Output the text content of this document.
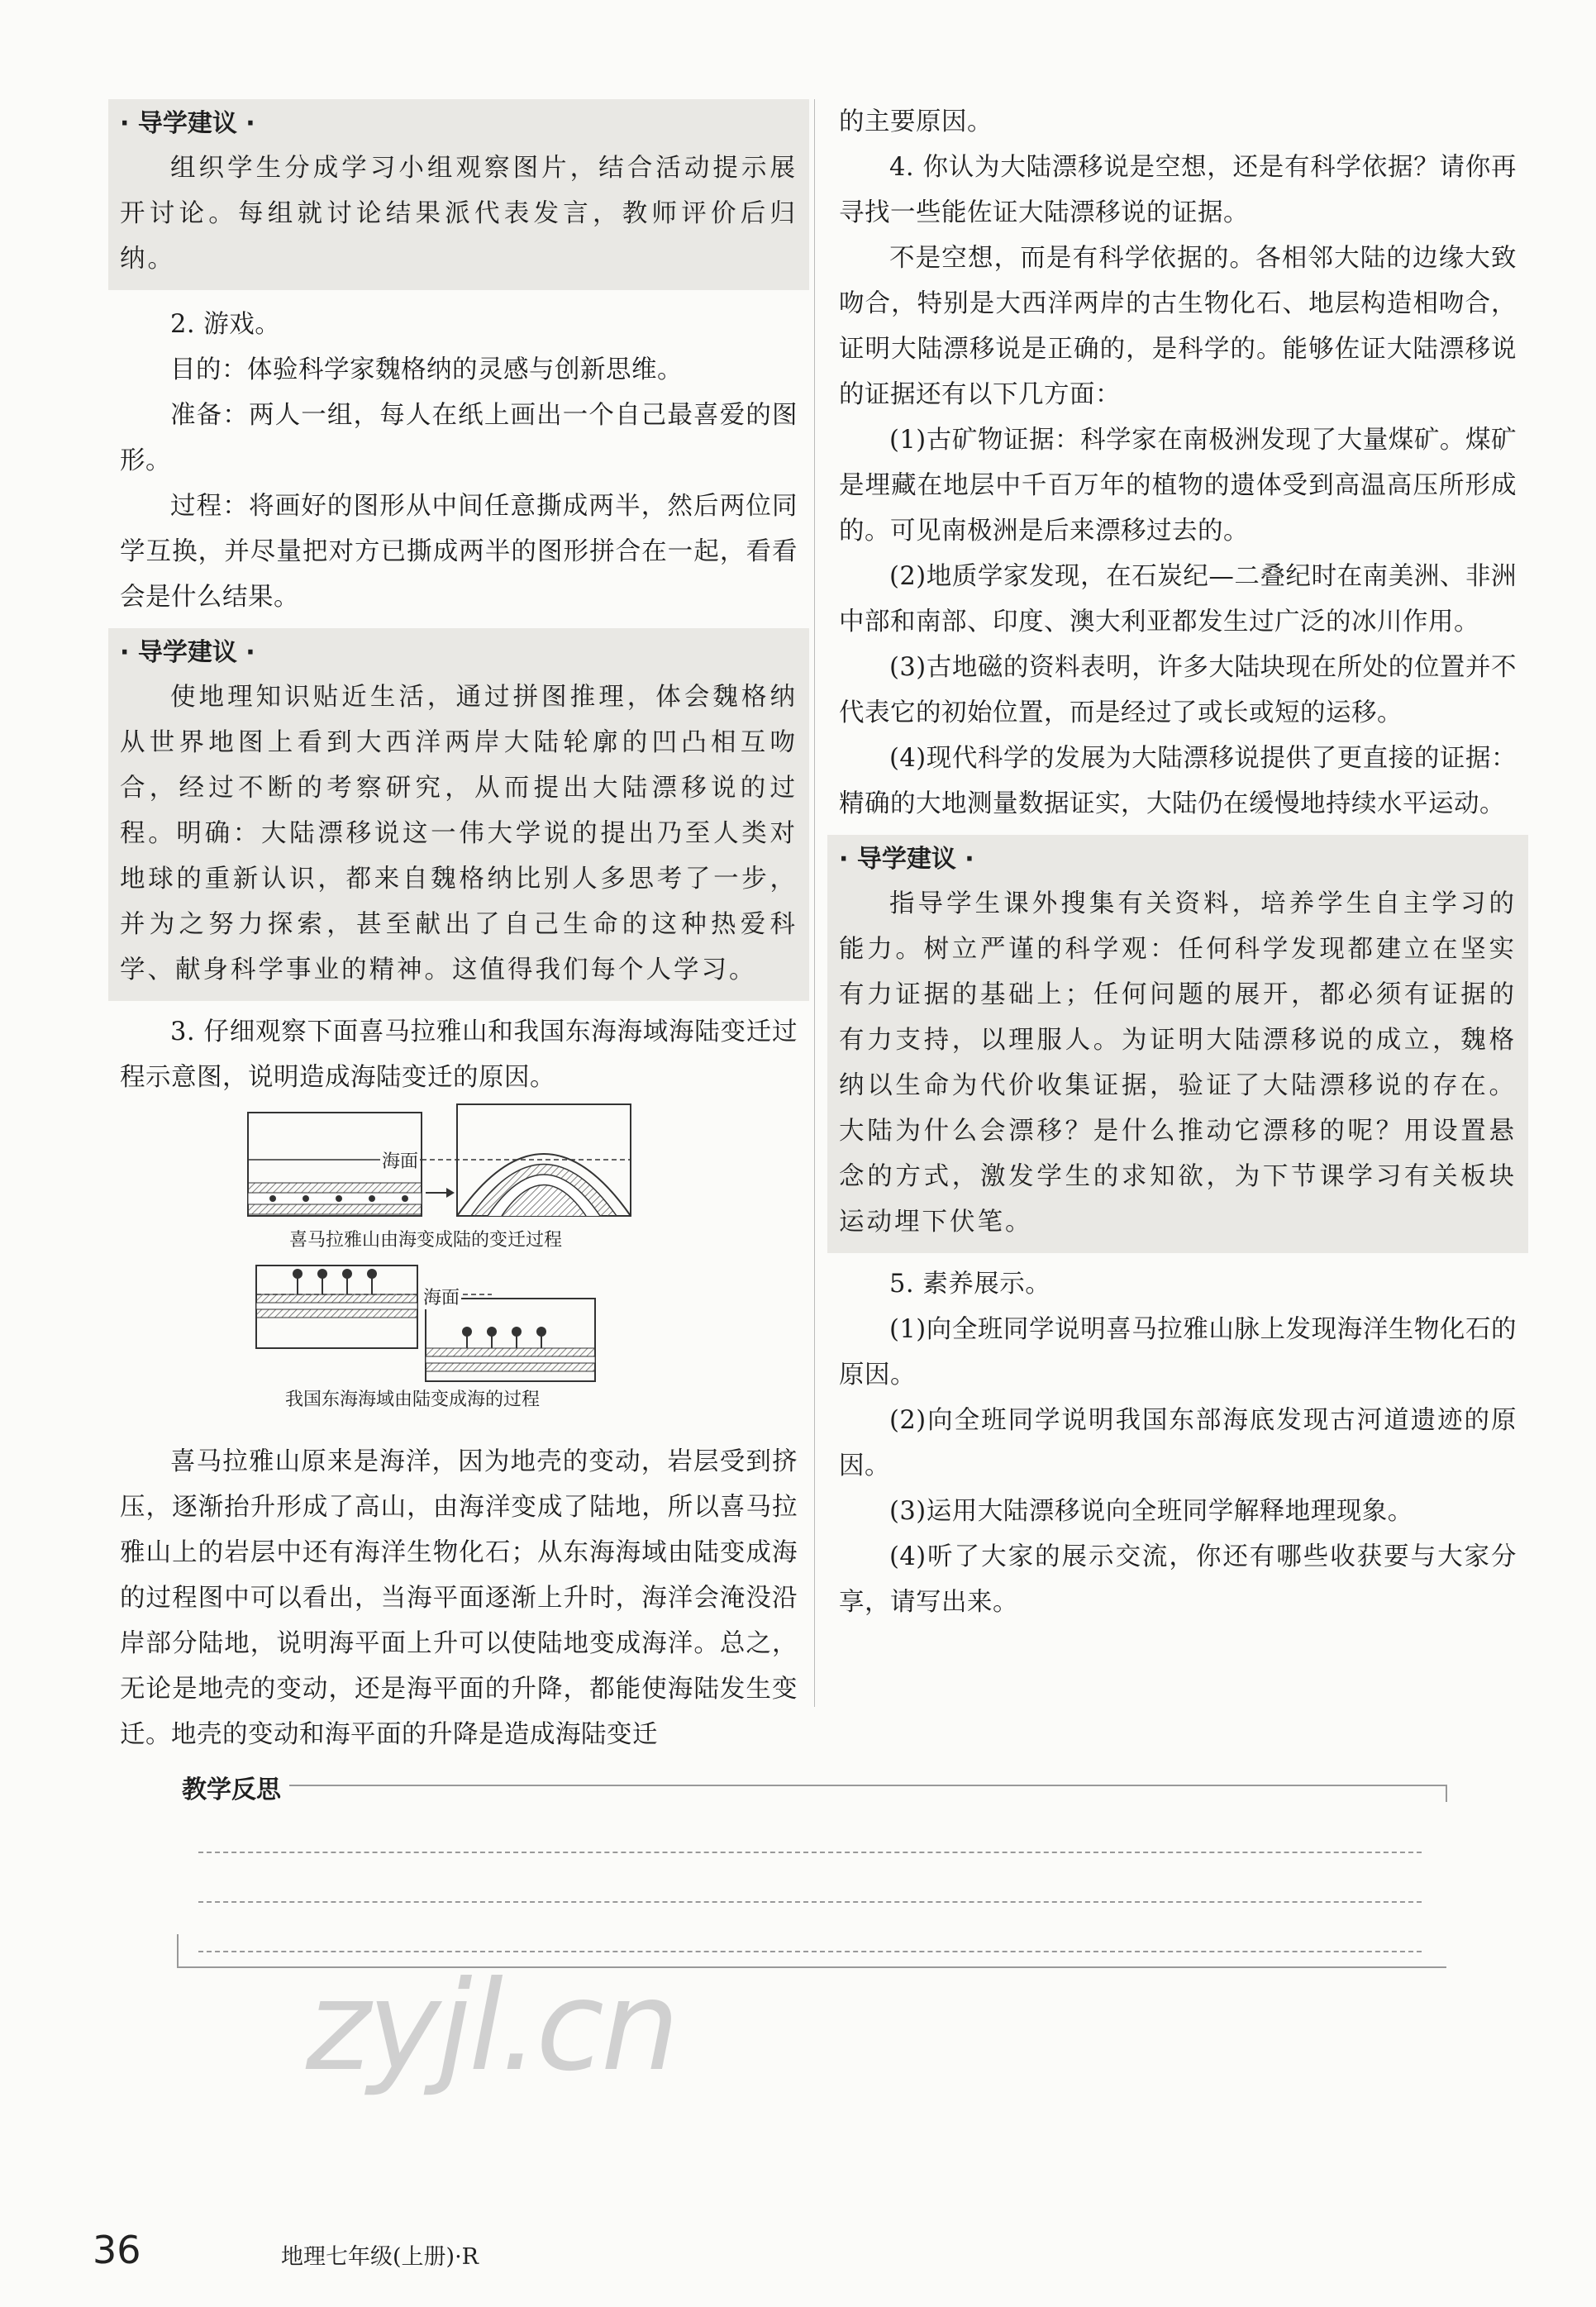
· 导学建议 ·

组织学生分成学习小组观察图片，结合活动提示展开讨论。每组就讨论结果派代表发言，教师评价后归纳。

2. 游戏。

目的：体验科学家魏格纳的灵感与创新思维。

准备：两人一组，每人在纸上画出一个自己最喜爱的图形。

过程：将画好的图形从中间任意撕成两半，然后两位同学互换，并尽量把对方已撕成两半的图形拼合在一起，看看会是什么结果。

· 导学建议 ·

使地理知识贴近生活，通过拼图推理，体会魏格纳从世界地图上看到大西洋两岸大陆轮廓的凹凸相互吻合，经过不断的考察研究，从而提出大陆漂移说的过程。明确：大陆漂移说这一伟大学说的提出乃至人类对地球的重新认识，都来自魏格纳比别人多思考了一步，并为之努力探索，甚至献出了自己生命的这种热爱科学、献身科学事业的精神。这值得我们每个人学习。

3. 仔细观察下面喜马拉雅山和我国东海海域海陆变迁过程示意图，说明造成海陆变迁的原因。

海面
喜马拉雅山由海变成陆的变迁过程
海面
我国东海海域由陆变成海的过程

喜马拉雅山原来是海洋，因为地壳的变动，岩层受到挤压，逐渐抬升形成了高山，由海洋变成了陆地，所以喜马拉雅山上的岩层中还有海洋生物化石；从东海海域由陆变成海的过程图中可以看出，当海平面逐渐上升时，海洋会淹没沿岸部分陆地，说明海平面上升可以使陆地变成海洋。总之，无论是地壳的变动，还是海平面的升降，都能使海陆发生变迁。地壳的变动和海平面的升降是造成海陆变迁

的主要原因。

4. 你认为大陆漂移说是空想，还是有科学依据？请你再寻找一些能佐证大陆漂移说的证据。

不是空想，而是有科学依据的。各相邻大陆的边缘大致吻合，特别是大西洋两岸的古生物化石、地层构造相吻合，证明大陆漂移说是正确的，是科学的。能够佐证大陆漂移说的证据还有以下几方面：

(1)古矿物证据：科学家在南极洲发现了大量煤矿。煤矿是埋藏在地层中千百万年的植物的遗体受到高温高压所形成的。可见南极洲是后来漂移过去的。

(2)地质学家发现，在石炭纪—二叠纪时在南美洲、非洲中部和南部、印度、澳大利亚都发生过广泛的冰川作用。

(3)古地磁的资料表明，许多大陆块现在所处的位置并不代表它的初始位置，而是经过了或长或短的运移。

(4)现代科学的发展为大陆漂移说提供了更直接的证据：精确的大地测量数据证实，大陆仍在缓慢地持续水平运动。

· 导学建议 ·

指导学生课外搜集有关资料，培养学生自主学习的能力。树立严谨的科学观：任何科学发现都建立在坚实有力证据的基础上；任何问题的展开，都必须有证据的有力支持，以理服人。为证明大陆漂移说的成立，魏格纳以生命为代价收集证据，验证了大陆漂移说的存在。大陆为什么会漂移？是什么推动它漂移的呢？用设置悬念的方式，激发学生的求知欲，为下节课学习有关板块运动埋下伏笔。

5. 素养展示。

(1)向全班同学说明喜马拉雅山脉上发现海洋生物化石的原因。

(2)向全班同学说明我国东部海底发现古河道遗迹的原因。

(3)运用大陆漂移说向全班同学解释地理现象。

(4)听了大家的展示交流，你还有哪些收获要与大家分享，请写出来。

教学反思
zyjl.cn
36	地理七年级(上册)·R
